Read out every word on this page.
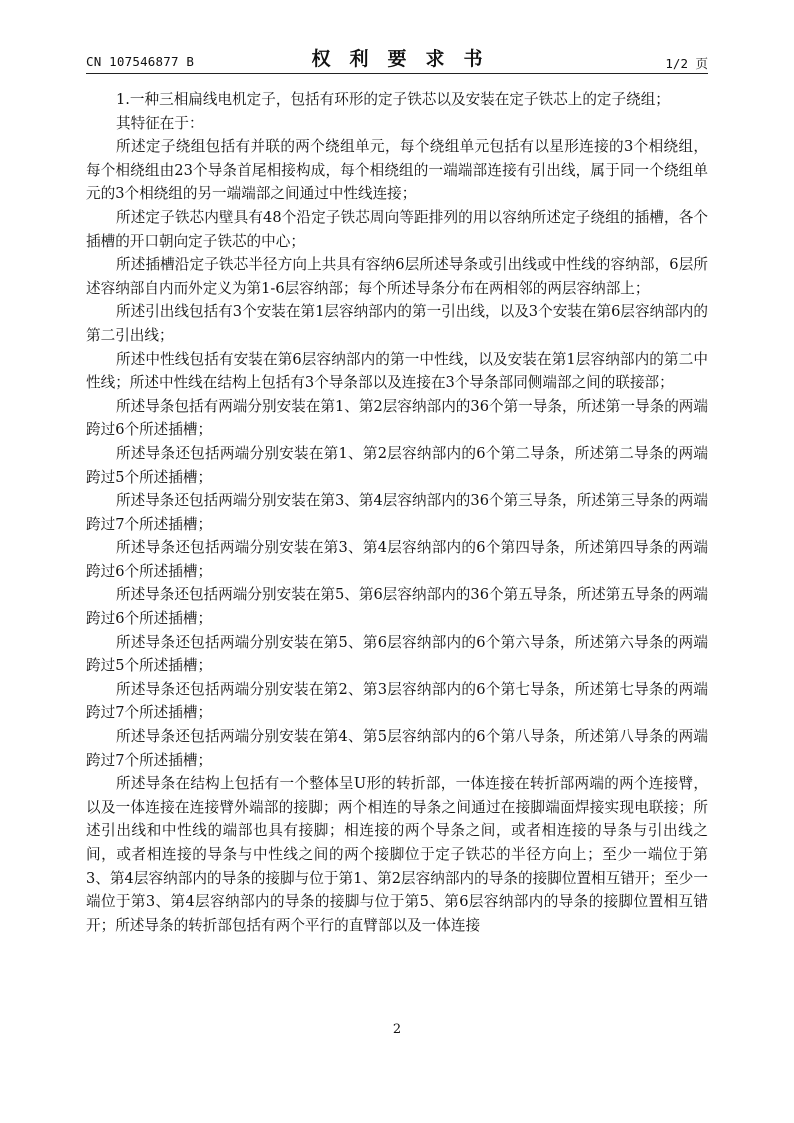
CN 107546877 B	权利要求书	1/2 页

1.一种三相扁线电机定子，包括有环形的定子铁芯以及安装在定子铁芯上的定子绕组；

其特征在于：

所述定子绕组包括有并联的两个绕组单元，每个绕组单元包括有以星形连接的3个相绕组，每个相绕组由23个导条首尾相接构成，每个相绕组的一端端部连接有引出线，属于同一个绕组单元的3个相绕组的另一端端部之间通过中性线连接；

所述定子铁芯内壁具有48个沿定子铁芯周向等距排列的用以容纳所述定子绕组的插槽，各个插槽的开口朝向定子铁芯的中心；

所述插槽沿定子铁芯半径方向上共具有容纳6层所述导条或引出线或中性线的容纳部，6层所述容纳部自内而外定义为第1-6层容纳部；每个所述导条分布在两相邻的两层容纳部上；

所述引出线包括有3个安装在第1层容纳部内的第一引出线，以及3个安装在第6层容纳部内的第二引出线；

所述中性线包括有安装在第6层容纳部内的第一中性线，以及安装在第1层容纳部内的第二中性线；所述中性线在结构上包括有3个导条部以及连接在3个导条部同侧端部之间的联接部；

所述导条包括有两端分别安装在第1、第2层容纳部内的36个第一导条，所述第一导条的两端跨过6个所述插槽；

所述导条还包括两端分别安装在第1、第2层容纳部内的6个第二导条，所述第二导条的两端跨过5个所述插槽；

所述导条还包括两端分别安装在第3、第4层容纳部内的36个第三导条，所述第三导条的两端跨过7个所述插槽；

所述导条还包括两端分别安装在第3、第4层容纳部内的6个第四导条，所述第四导条的两端跨过6个所述插槽；

所述导条还包括两端分别安装在第5、第6层容纳部内的36个第五导条，所述第五导条的两端跨过6个所述插槽；

所述导条还包括两端分别安装在第5、第6层容纳部内的6个第六导条，所述第六导条的两端跨过5个所述插槽；

所述导条还包括两端分别安装在第2、第3层容纳部内的6个第七导条，所述第七导条的两端跨过7个所述插槽；

所述导条还包括两端分别安装在第4、第5层容纳部内的6个第八导条，所述第八导条的两端跨过7个所述插槽；

所述导条在结构上包括有一个整体呈U形的转折部，一体连接在转折部两端的两个连接臂，以及一体连接在连接臂外端部的接脚；两个相连的导条之间通过在接脚端面焊接实现电联接；所述引出线和中性线的端部也具有接脚；相连接的两个导条之间，或者相连接的导条与引出线之间，或者相连接的导条与中性线之间的两个接脚位于定子铁芯的半径方向上；至少一端位于第3、第4层容纳部内的导条的接脚与位于第1、第2层容纳部内的导条的接脚位置相互错开；至少一端位于第3、第4层容纳部内的导条的接脚与位于第5、第6层容纳部内的导条的接脚位置相互错开；所述导条的转折部包括有两个平行的直臂部以及一体连接

2
